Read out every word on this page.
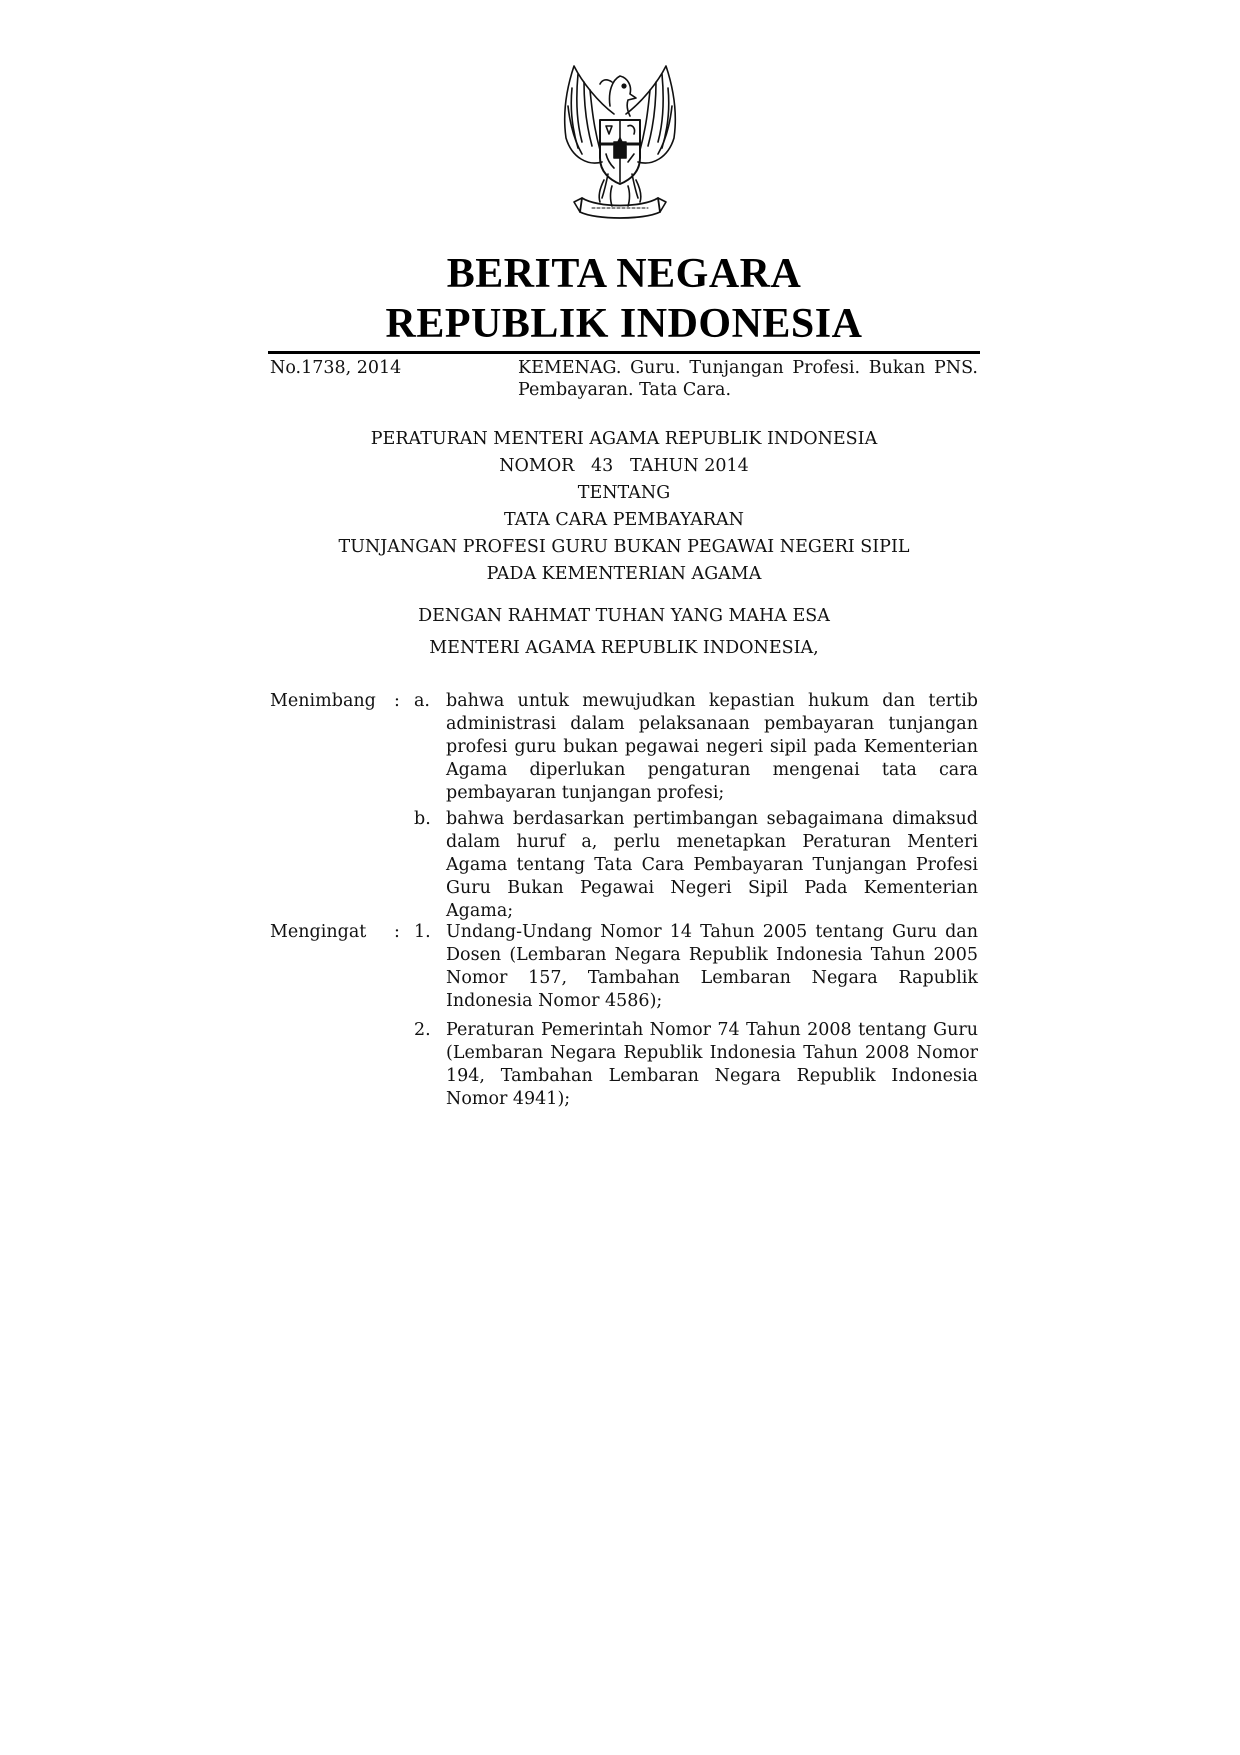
BERITA NEGARA
REPUBLIK INDONESIA
No.1738, 2014	KEMENAG. Guru. Tunjangan Profesi. Bukan PNS. Pembayaran. Tata Cara.
PERATURAN MENTERI AGAMA REPUBLIK INDONESIA
NOMOR   43   TAHUN 2014
TENTANG
TATA CARA PEMBAYARAN
TUNJANGAN PROFESI GURU BUKAN PEGAWAI NEGERI SIPIL
PADA KEMENTERIAN AGAMA
DENGAN RAHMAT TUHAN YANG MAHA ESA
MENTERI AGAMA REPUBLIK INDONESIA,
Menimbang : a. bahwa untuk mewujudkan kepastian hukum dan tertib administrasi dalam pelaksanaan pembayaran tunjangan profesi guru bukan pegawai negeri sipil pada Kementerian Agama diperlukan pengaturan mengenai tata cara pembayaran tunjangan profesi;
b. bahwa berdasarkan pertimbangan sebagaimana dimaksud dalam huruf a, perlu menetapkan Peraturan Menteri Agama tentang Tata Cara Pembayaran Tunjangan Profesi Guru Bukan Pegawai Negeri Sipil Pada Kementerian Agama;
Mengingat : 1. Undang-Undang Nomor 14 Tahun 2005 tentang Guru dan Dosen (Lembaran Negara Republik Indonesia Tahun 2005 Nomor 157, Tambahan Lembaran Negara Rapublik Indonesia Nomor 4586);
2. Peraturan Pemerintah Nomor 74 Tahun 2008 tentang Guru (Lembaran Negara Republik Indonesia Tahun 2008 Nomor 194, Tambahan Lembaran Negara Republik Indonesia Nomor 4941);
